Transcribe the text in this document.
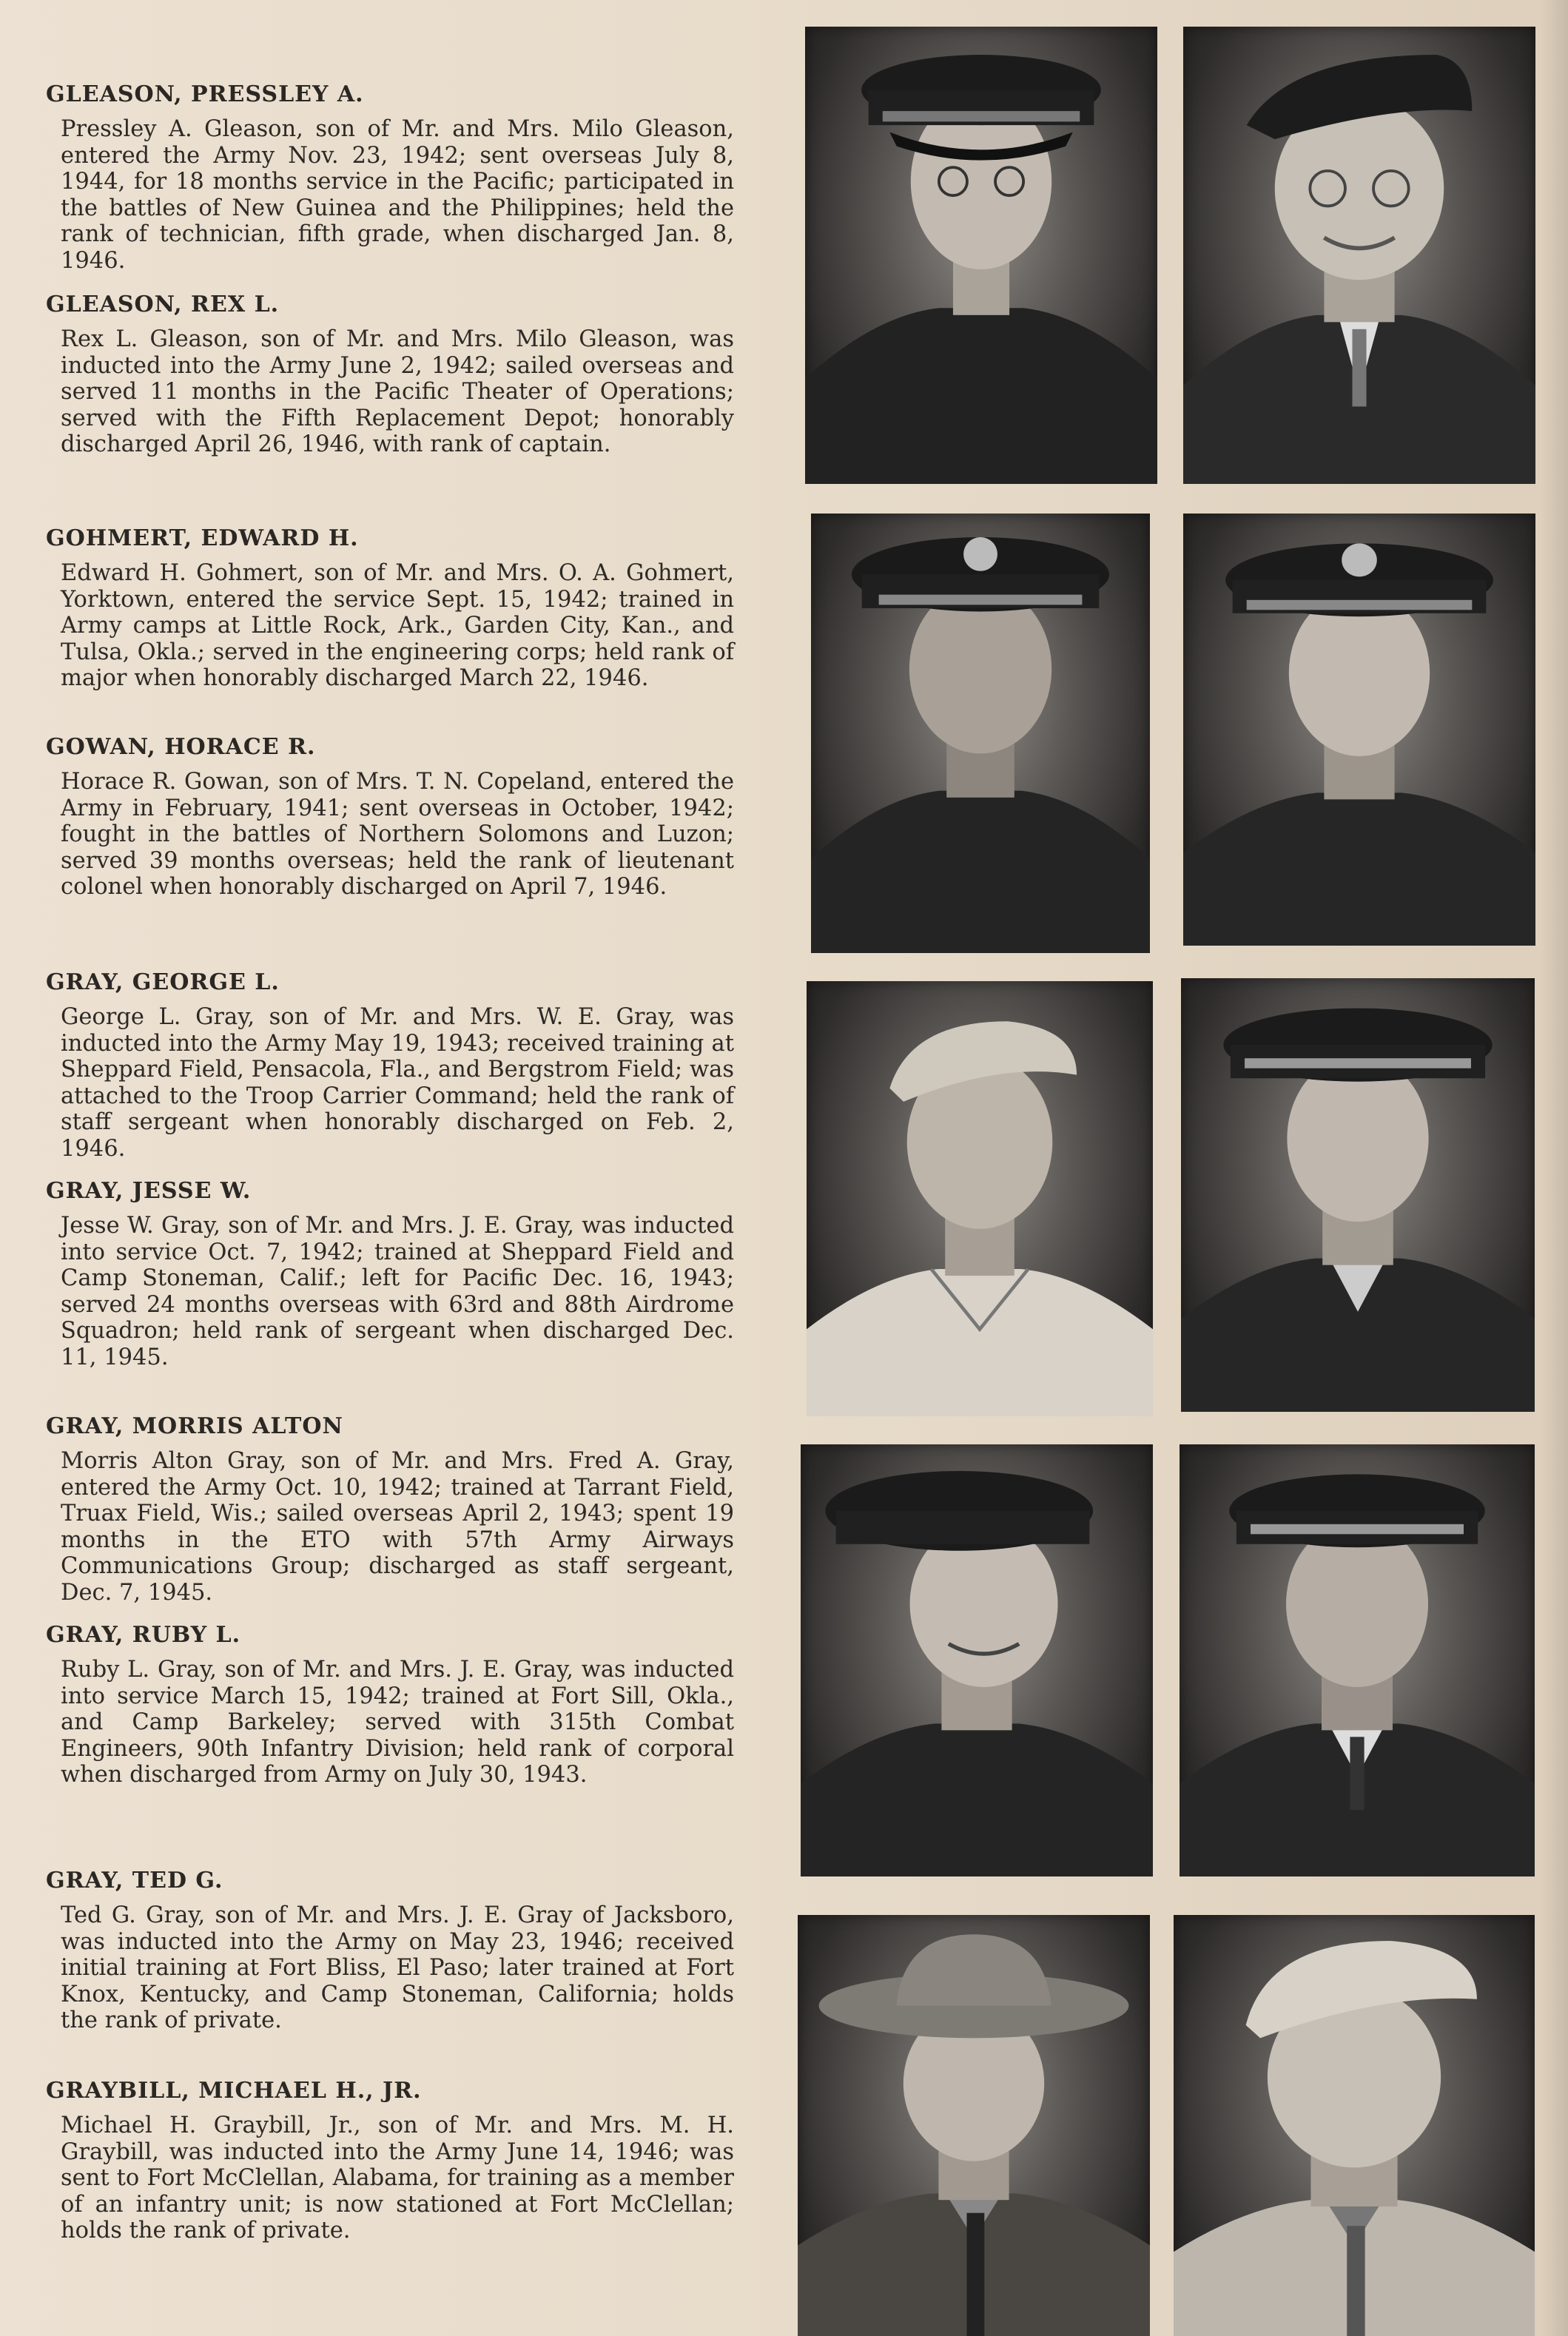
GLEASON, PRESSLEY A.

Pressley A. Gleason, son of Mr. and Mrs. Milo Gleason, entered the Army Nov. 23, 1942; sent overseas July 8, 1944, for 18 months service in the Pacific; participated in the battles of New Guinea and the Philippines; held the rank of technician, fifth grade, when discharged Jan. 8, 1946.

GLEASON, REX L.

Rex L. Gleason, son of Mr. and Mrs. Milo Gleason, was inducted into the Army June 2, 1942; sailed overseas and served 11 months in the Pacific Theater of Operations; served with the Fifth Replacement Depot; honorably discharged April 26, 1946, with rank of captain.

GOHMERT, EDWARD H.

Edward H. Gohmert, son of Mr. and Mrs. O. A. Gohmert, Yorktown, entered the service Sept. 15, 1942; trained in Army camps at Little Rock, Ark., Garden City, Kan., and Tulsa, Okla.; served in the engineering corps; held rank of major when honorably discharged March 22, 1946.

GOWAN, HORACE R.

Horace R. Gowan, son of Mrs. T. N. Copeland, entered the Army in February, 1941; sent overseas in October, 1942; fought in the battles of Northern Solomons and Luzon; served 39 months overseas; held the rank of lieutenant colonel when honorably discharged on April 7, 1946.

GRAY, GEORGE L.

George L. Gray, son of Mr. and Mrs. W. E. Gray, was inducted into the Army May 19, 1943; received training at Sheppard Field, Pensacola, Fla., and Bergstrom Field; was attached to the Troop Carrier Command; held the rank of staff sergeant when honorably discharged on Feb. 2, 1946.

GRAY, JESSE W.

Jesse W. Gray, son of Mr. and Mrs. J. E. Gray, was inducted into service Oct. 7, 1942; trained at Sheppard Field and Camp Stoneman, Calif.; left for Pacific Dec. 16, 1943; served 24 months overseas with 63rd and 88th Airdrome Squadron; held rank of sergeant when discharged Dec. 11, 1945.

GRAY, MORRIS ALTON

Morris Alton Gray, son of Mr. and Mrs. Fred A. Gray, entered the Army Oct. 10, 1942; trained at Tarrant Field, Truax Field, Wis.; sailed overseas April 2, 1943; spent 19 months in the ETO with 57th Army Airways Communications Group; discharged as staff sergeant, Dec. 7, 1945.

GRAY, RUBY L.

Ruby L. Gray, son of Mr. and Mrs. J. E. Gray, was inducted into service March 15, 1942; trained at Fort Sill, Okla., and Camp Barkeley; served with 315th Combat Engineers, 90th Infantry Division; held rank of corporal when discharged from Army on July 30, 1943.

GRAY, TED G.

Ted G. Gray, son of Mr. and Mrs. J. E. Gray of Jacksboro, was inducted into the Army on May 23, 1946; received initial training at Fort Bliss, El Paso; later trained at Fort Knox, Kentucky, and Camp Stoneman, California; holds the rank of private.

GRAYBILL, MICHAEL H., JR.

Michael H. Graybill, Jr., son of Mr. and Mrs. M. H. Graybill, was inducted into the Army June 14, 1946; was sent to Fort McClellan, Alabama, for training as a member of an infantry unit; is now stationed at Fort McClellan; holds the rank of private.
